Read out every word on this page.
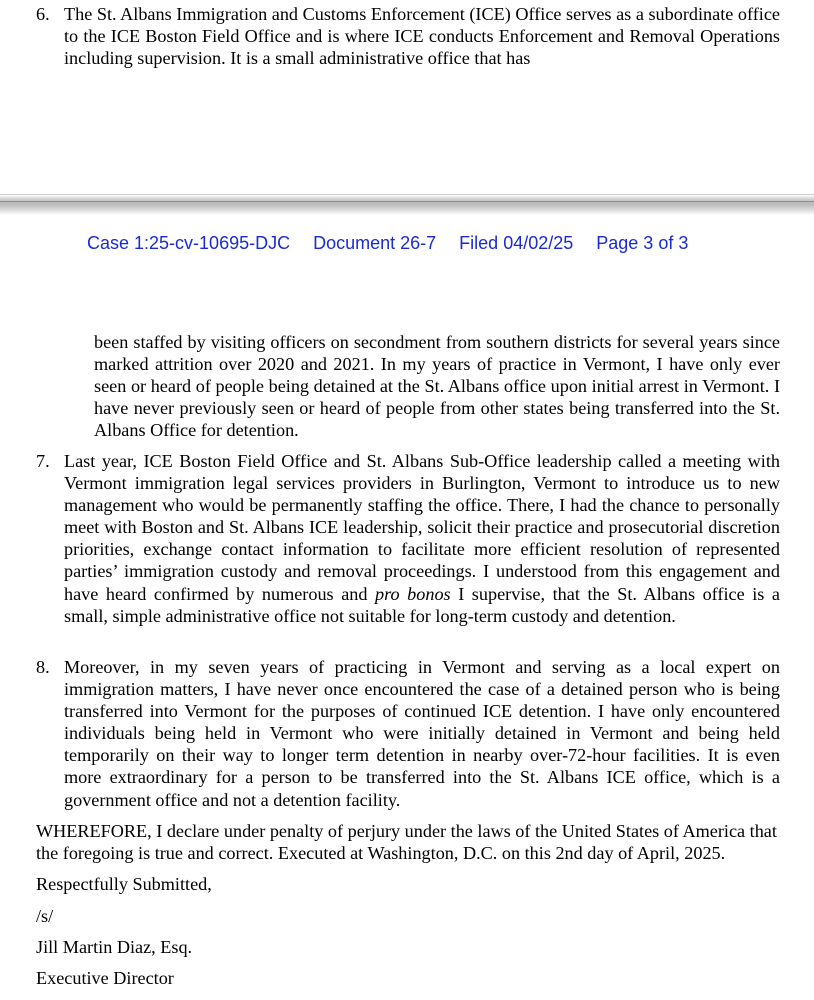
6. The St. Albans Immigration and Customs Enforcement (ICE) Office serves as a subordinate office to the ICE Boston Field Office and is where ICE conducts Enforcement and Removal Operations including supervision. It is a small administrative office that has

Case 1:25-cv-10695-DJC Document 26-7 Filed 04/02/25 Page 3 of 3
been staffed by visiting officers on secondment from southern districts for several years since marked attrition over 2020 and 2021. In my years of practice in Vermont, I have only ever seen or heard of people being detained at the St. Albans office upon initial arrest in Vermont. I have never previously seen or heard of people from other states being transferred into the St. Albans Office for detention.
7. Last year, ICE Boston Field Office and St. Albans Sub-Office leadership called a meeting with Vermont immigration legal services providers in Burlington, Vermont to introduce us to new management who would be permanently staffing the office. There, I had the chance to personally meet with Boston and St. Albans ICE leadership, solicit their practice and prosecutorial discretion priorities, exchange contact information to facilitate more efficient resolution of represented parties’ immigration custody and removal proceedings. I understood from this engagement and have heard confirmed by numerous and pro bonos I supervise, that the St. Albans office is a small, simple administrative office not suitable for long-term custody and detention.

8. Moreover, in my seven years of practicing in Vermont and serving as a local expert on immigration matters, I have never once encountered the case of a detained person who is being transferred into Vermont for the purposes of continued ICE detention. I have only encountered individuals being held in Vermont who were initially detained in Vermont and being held temporarily on their way to longer term detention in nearby over-72-hour facilities. It is even more extraordinary for a person to be transferred into the St. Albans ICE office, which is a government office and not a detention facility.

WHEREFORE, I declare under penalty of perjury under the laws of the United States of America that the foregoing is true and correct. Executed at Washington, D.C. on this 2nd day of April, 2025.
Respectfully Submitted,
/s/
Jill Martin Diaz, Esq.
Executive Director
